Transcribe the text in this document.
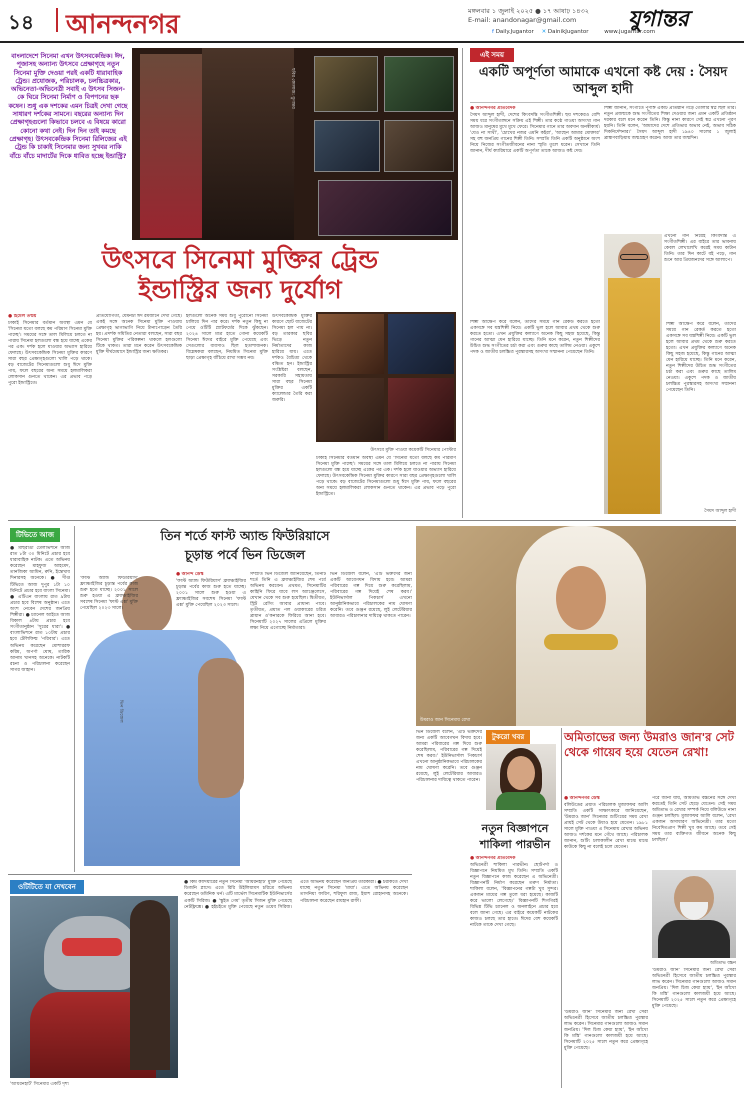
১৪ আনন্দনগর	মঙ্গলবার ১ জুলাই ২০২৫ ● ১৭ আষাঢ় ১৪৩২
E-mail: anandonagar@gmail.com যুগান্তর
f Daily.Jugantor ✕ DainikJugantor	www.jugantor.com
বাংলাদেশে সিনেমা এখন উৎসবকেন্দ্রিক। ঈদ, পূজাসহ অন্যান্য উৎসবে প্রেক্ষাগৃহে নতুন সিনেমা মুক্তি দেওয়া পরই একটি ধারাবাহিক ট্রেন্ড। প্রযোজক, পরিচালক, চলচ্চিত্রকার, অভিনেতা-অভিনেত্রী সবাই এ উৎসব সিজন-কে ঘিরে সিনেমা নির্মাণ ও বিপণনের ছক কষেন। শুধু এক দশকের এমন চিত্রই দেখা গেছে সাধারণ দর্শকের সামনে। বছরের অন্যান্য দিন প্রেক্ষাগৃহগুলো কিভাবে চলবে এ বিষয়ে কারো কোনো কথা নেই। দিন দিন তাই কমছে প্রেক্ষাগৃহ। উৎসবকেন্দ্রিক সিনেমা রিলিজের এই ট্রেন্ড কি চাকাই সিনেমার জন্য সুখবর নাকি বাঁচে বাঁচে মাদার্টের দিকে ধাবিত হচ্ছে ইন্ডাস্ট্রি?
ছবির কোলাজ: যুগান্তর
উৎসবে সিনেমা মুক্তির ট্রেন্ড
ইন্ডাস্ট্রির জন্য দুর্যোগ

● হিমেল তন্ময়

ঢাকাই সিনেমার বর্তমান অবস্থা এমন যে 'সিনেমা যতো বলছে কম পরিমাণ সিনেমা মুক্তি পাচ্ছে'। সময়ের সঙ্গে তাল মিলিয়ে চলতে না পারায় সিনেমা হলগুলো বন্ধ হয়ে যাচ্ছে একের পর এক। দর্শক হলে যাওয়ার অভ্যাস হারিয়ে ফেলছে। উৎসবকেন্দ্রিক সিনেমা মুক্তির কারণে সারা বছর প্রেক্ষাগৃহগুলো খালি পড়ে থাকে। বড় বাজেটের সিনেমাগুলো শুধু ঈদে মুক্তি পায়, ফলে বছরের অন্য সময়ে হলমালিকরা লোকসান গুনতে থাকেন। এর প্রভাব পড়ে পুরো ইন্ডাস্ট্রিতে।

প্রতিযোগিতা, যেমনটা ঈদ রমজানে দেখা গেছে। একই সঙ্গে অনেক সিনেমা মুক্তি পাওয়ায় প্রেক্ষাগৃহ ভাগাভাগি নিয়ে টানাপোড়েন তৈরি হয়। প্রদর্শক সমিতির নেতারা বলছেন, সারা বছর সিনেমা মুক্তির পরিকল্পনা থাকলে হলগুলো টিকে থাকত। তারা মনে করেন উৎসবকেন্দ্রিক মুক্তি দীর্ঘমেয়াদে ইন্ডাস্ট্রির জন্য ক্ষতিকর।
হলগুলো অনেক সময় শুধু পুরোনো সিনেমা চালিয়ে দিন পার করে। দর্শক নতুন কিছু না পেয়ে ওটিটি প্ল্যাটফর্মের দিকে ঝুঁকছেন। ২০২৪ সালে মাত্র হাতে গোনা কয়েকটি সিনেমা ঈদের বাইরে মুক্তি পেয়েছে এবং সেগুলোর ব্যবসাও ছিল হতাশাজনক। বিশ্লেষকরা বলছেন, নিয়মিত সিনেমা মুক্তি ছাড়া প্রেক্ষাগৃহ বাঁচিয়ে রাখা সম্ভব নয়।
উৎসবকেন্দ্রিক মুক্তির কারণে ছোট বাজেটের সিনেমা হল পায় না। বড় তারকার ছবির ভিড়ে নতুন নির্মাতাদের কাজ হারিয়ে যায়। এতে দর্শকও বৈচিত্র্য থেকে বঞ্চিত হন। ইন্ডাস্ট্রির সংশ্লিষ্টরা বলছেন, সরকারি সহায়তায় সারা বছর সিনেমা মুক্তির একটি ক্যালেন্ডার তৈরি করা জরুরি।
উৎসবে মুক্তি পাওয়া কয়েকটি সিনেমার পোস্টার
ঢাকাই সিনেমার বর্তমান অবস্থা এমন যে 'সিনেমা যতো বলছে কম পরিমাণ সিনেমা মুক্তি পাচ্ছে'। সময়ের সঙ্গে তাল মিলিয়ে চলতে না পারায় সিনেমা হলগুলো বন্ধ হয়ে যাচ্ছে একের পর এক। দর্শক হলে যাওয়ার অভ্যাস হারিয়ে ফেলছে। উৎসবকেন্দ্রিক সিনেমা মুক্তির কারণে সারা বছর প্রেক্ষাগৃহগুলো খালি পড়ে থাকে। বড় বাজেটের সিনেমাগুলো শুধু ঈদে মুক্তি পায়, ফলে বছরের অন্য সময়ে হলমালিকরা লোকসান গুনতে থাকেন। এর প্রভাব পড়ে পুরো ইন্ডাস্ট্রিতে।
এই সময়
একটি অপূর্ণতা আমাকে এখনো কষ্ট দেয় : সৈয়দ আব্দুল হাদী

● আনন্দনগর প্রতিবেদক

সৈয়দ আব্দুল হাদী, দেশের কিংবদন্তি সংগীতশিল্পী। ছয় দশকেরও বেশি সময় ধরে সংগীতাঙ্গনে সক্রিয় এই শিল্পী। তার কণ্ঠে গাওয়া অসংখ্য গান আজও মানুষের মুখে মুখে ফেরে। সিনেমার গানে তার অবদান অনস্বীকার্য। 'যেও না সাথী', 'চোখের নজর এমনি কইরা', 'আছেন আমার মোক্তার' সহ বহু জনপ্রিয় গানের শিল্পী তিনি। সম্প্রতি তিনি একটি অনুষ্ঠানে অংশ নিয়ে নিজের সংগীতজীবনের নানা স্মৃতি তুলে ধরেন। সেখানে তিনি জানান, দীর্ঘ ক্যারিয়ারে একটি অপূর্ণতা তাকে আজও কষ্ট দেয়।

শিল্পী জানান, সংগীতে পূর্ণাঙ্গ একটি প্রতিষ্ঠান গড়ে তোলার স্বপ্ন ছিল তার। নতুন প্রজন্মকে শুদ্ধ সংগীতের শিক্ষা দেওয়ার জন্য এমন একটি প্রতিষ্ঠান দরকার বলে মনে করেন তিনি। কিন্তু নানা কারণে সেই স্বপ্ন এখনো পূরণ হয়নি। তিনি বলেন, 'আমাদের দেশে প্রতিভার অভাব নেই, অভাব সঠিক দিকনির্দেশনার।' সৈয়দ আব্দুল হাদী ১৯৪০ সালের ১ জুলাই ব্রাহ্মণবাড়িয়ায় জন্মগ্রহণ করেন। আজ তার জন্মদিন।
এখনো গান নিয়েই কিংবদন্তি এ সংগীতশিল্পী। এর বাইরে তার ভাবনায় কেবল লেখালেখি করেই সময় কাটান তিনি। তার দিন কাটে বই পড়ে, গান শুনে আর প্রিয়জনদের সঙ্গে আলাপে।
শিল্পী আক্ষেপ করে বলেন, তাদের সময়ে গান রেকর্ড করতে হতো একসঙ্গে সব যন্ত্রশিল্পী নিয়ে। একটি ভুল হলে আবার প্রথম থেকে শুরু করতে হতো। এখন প্রযুক্তির কল্যাণে অনেক কিছু সহজ হয়েছে, কিন্তু গানের আত্মা যেন হারিয়ে যাচ্ছে। তিনি মনে করেন, নতুন শিল্পীদের উচিত শুদ্ধ সংগীতের চর্চা করা এবং গুরুর কাছে তালিম নেওয়া। একুশে পদক ও জাতীয় চলচ্চিত্র পুরস্কারসহ অসংখ্য সম্মাননা পেয়েছেন তিনি।
শিল্পী আক্ষেপ করে বলেন, তাদের সময়ে গান রেকর্ড করতে হতো একসঙ্গে সব যন্ত্রশিল্পী নিয়ে। একটি ভুল হলে আবার প্রথম থেকে শুরু করতে হতো। এখন প্রযুক্তির কল্যাণে অনেক কিছু সহজ হয়েছে, কিন্তু গানের আত্মা যেন হারিয়ে যাচ্ছে। তিনি মনে করেন, নতুন শিল্পীদের উচিত শুদ্ধ সংগীতের চর্চা করা এবং গুরুর কাছে তালিম নেওয়া। একুশে পদক ও জাতীয় চলচ্চিত্র পুরস্কারসহ অসংখ্য সম্মাননা পেয়েছেন তিনি।
সৈয়দ আব্দুল হাদী
টিভিতে আজ
● মাছরাঙা টেলিভিশনে আজ রাত ৮টা ৩০ মিনিটে প্রচার হবে ধারাবাহিক নাটক। এতে অভিনয় করেছেন মাহফুজ আহমেদ, তানজিকা আমিন, রুনি, ইন্তেখাব দিনারসহ অনেকে। ● দীপ্ত টিভিতে আজ দুপুর ১টা ১০ মিনিটে প্রচার হবে বাংলা সিনেমা। ● এটিএন বাংলায় রাত ৯টায় প্রচার হবে বিশেষ অনুষ্ঠান। এতে অংশ নেবেন দেশের জনপ্রিয় শিল্পীরা। ● চ্যানেল আইতে আজ বিকাল ৪টায় প্রচার হবে সংগীতানুষ্ঠান 'সুরের ধারা'। ● বাংলাভিশনে রাত ১০টায় প্রচার হবে টেলিফিল্ম 'পরিবার'। এতে অভিনয় করেছেন মোশাররফ করিম, অপর্ণা ঘোষ, তারিক আনাম খানসহ অনেকে। নাটকটি রচনা ও পরিচালনা করেছেন সাগর জাহান।
তিন শর্তে ফাস্ট অ্যান্ড ফিউরিয়াসে
চূড়ান্ত পর্বে ভিন ডিজেল
'ফাস্ট অ্যান্ড ফিউরিয়াস' ফ্র্যাঞ্চাইজির চূড়ান্ত পর্বের কাজ শুরু হতে যাচ্ছে। ২০০১ সালে শুরু হওয়া এ ফ্র্যাঞ্চাইজির সবশেষ সিনেমা 'ফাস্ট এক্স' মুক্তি পেয়েছিল ২০২৩ সালে।
ভিন ডিজেল

● আনন্দ ডেস্ক

'ফাস্ট অ্যান্ড ফিউরিয়াস' ফ্র্যাঞ্চাইজির চূড়ান্ত পর্বের কাজ শুরু হতে যাচ্ছে। ২০০১ সালে শুরু হওয়া এ ফ্র্যাঞ্চাইজির সবশেষ সিনেমা 'ফাস্ট এক্স' মুক্তি পেয়েছিল ২০২৩ সালে।

সম্প্রতি ভিন ডিজেল জানিয়েছেন, তিনটি শর্তে তিনি এ ফ্র্যাঞ্চাইজির শেষ পর্বে অভিনয় করবেন। প্রথমত, সিনেমাটির কাহিনি ফিরে যাবে লস অ্যাঞ্জেলেসে, যেখান থেকে সব শুরু হয়েছিল। দ্বিতীয়ত, স্ট্রিট রেসিং আবার প্রাধান্য পাবে। তৃতীয়ত, প্রয়াত পল ওয়াকারের চরিত্র ব্রায়ান ও'কনারকে ফিরিয়ে আনা হবে। সিনেমাটি ২০২৭ সালের এপ্রিলে মুক্তির লক্ষ্য নিয়ে এগোচ্ছে নির্মাতারা।
ভিন ডিজেল বলেন, 'এটি ভক্তদের জন্য একটি আবেগঘন বিদায় হবে। আমরা পরিবারের গল্প দিয়ে শুরু করেছিলাম, পরিবারের গল্প দিয়েই শেষ করব।' ইউনিভার্সাল পিকচার্স এখনো আনুষ্ঠানিকভাবে পরিচালকের নাম ঘোষণা করেনি। তবে গুঞ্জন রয়েছে, লুই লেটেরিয়ার আবারও পরিচালনার দায়িত্বে থাকতে পারেন।
উমরাও জান সিনেমায় রেখা
টুকরো খবর	অমিতাভের জন্য উমরাও জান'র সেট থেকে গায়েব হয়ে যেতেন রেখা!

● আনন্দনগর ডেস্ক

বলিউডের প্রয়াত পরিচালক মুজাফফর আলি সম্প্রতি একটি সাক্ষাৎকারে জানিয়েছেন, 'উমরাও জান' সিনেমার শুটিংয়ের সময় রেখা প্রায়ই সেট থেকে উধাও হয়ে যেতেন। ১৯৮১ সালে মুক্তি পাওয়া এ সিনেমায় রেখার অভিনয় আজও দর্শকের মনে গেঁথে আছে। পরিচালক জানান, শুটিং চলাকালীন রেখা মাঝে মাঝে কাউকে কিছু না বলেই চলে যেতেন।

পরে জানা যায়, অমিতাভ বচ্চনের সঙ্গে দেখা করতেই তিনি সেট ছেড়ে যেতেন। সেই সময় অমিতাভ ও রেখার সম্পর্ক নিয়ে বলিউডে নানা গুঞ্জন চলছিল। মুজাফফর আলি বলেন, 'রেখা একজন অসাধারণ অভিনেত্রী। তার মতো নিবেদিতপ্রাণ শিল্পী খুব কম আছে। তবে সেই সময় তার ব্যক্তিগত জীবনে অনেক কিছু চলছিল।'
অমিতাভ বচ্চন
'উমরাও জান' সিনেমার জন্য রেখা সেরা অভিনেত্রী হিসেবে জাতীয় চলচ্চিত্র পুরস্কার লাভ করেন। সিনেমার গানগুলো আজও সমান জনপ্রিয়। 'দিল চিজ কেয়া হ্যায়', 'ইন আঁখো কি মস্তি' গানগুলো কালজয়ী হয়ে আছে। সিনেমাটি ২০২৫ সালে নতুন করে প্রেক্ষাগৃহে মুক্তি পেয়েছে।
'উমরাও জান' সিনেমার জন্য রেখা সেরা অভিনেত্রী হিসেবে জাতীয় চলচ্চিত্র পুরস্কার লাভ করেন। সিনেমার গানগুলো আজও সমান জনপ্রিয়। 'দিল চিজ কেয়া হ্যায়', 'ইন আঁখো কি মস্তি' গানগুলো কালজয়ী হয়ে আছে। সিনেমাটি ২০২৫ সালে নতুন করে প্রেক্ষাগৃহে মুক্তি পেয়েছে।
নতুন বিজ্ঞাপনে
শাকিলা পারভীন

● আনন্দনগর প্রতিবেদক

অভিনেত্রী শাকিলা পারভীন। ছোটপর্দা ও বিজ্ঞাপনে নিয়মিত মুখ তিনি। সম্প্রতি একটি নতুন বিজ্ঞাপনে কাজ করেছেন এ অভিনেত্রী। বিজ্ঞাপনটি নির্মাণ করেছেন তরুণ নির্মাতা। শাকিলা বলেন, 'বিজ্ঞাপনের গল্পটা খুব সুন্দর। একজন মায়ের গল্প তুলে ধরা হয়েছে। কাজটি করে ভালো লেগেছে।' বিজ্ঞাপনটি শিগগিরই বিভিন্ন টিভি চ্যানেল ও অনলাইনে প্রচার হবে বলে জানা গেছে। এর বাইরে কয়েকটি নাটকের কাজও চলছে তার হাতে। ঈদের বেশ কয়েকটি নাটকে তাকে দেখা গেছে।

ভিন ডিজেল বলেন, 'এটি ভক্তদের জন্য একটি আবেগঘন বিদায় হবে। আমরা পরিবারের গল্প দিয়ে শুরু করেছিলাম, পরিবারের গল্প দিয়েই শেষ করব।' ইউনিভার্সাল পিকচার্স এখনো আনুষ্ঠানিকভাবে পরিচালকের নাম ঘোষণা করেনি। তবে গুঞ্জন রয়েছে, লুই লেটেরিয়ার আবারও পরিচালনার দায়িত্বে থাকতে পারেন।
ওটিটিতে যা দেখবেন
'আয়রনহার্ট' সিনেমার একটি দৃশ্য
● কিম কাদিয়ারের নতুন সিনেমা 'আয়রনহার্ট' মুক্তি পেয়েছে ডিজনি প্লাসে। এতে রিরি উইলিয়ামস চরিত্রে অভিনয় করেছেন ডমিনিক থর্ন। এটি মার্ভেল সিনেমাটিক ইউনিভার্সের একটি সিরিজ। ● 'স্কুইড গেম' তৃতীয় সিজন মুক্তি পেয়েছে নেটফ্লিক্সে। ● হইচইতে মুক্তি পেয়েছে নতুন ওয়েব সিরিজ। এতে অভিনয় করেছেন জনপ্রিয় তারকারা। ● চরকিতে দেখা যাচ্ছে নতুন সিনেমা 'মায়া'। এতে অভিনয় করেছেন তাসনিয়া ফারিণ, শরিফুল রাজ, ইয়াশ রোহানসহ অনেকে। পরিচালনা করেছেন রায়হান রাফী।
